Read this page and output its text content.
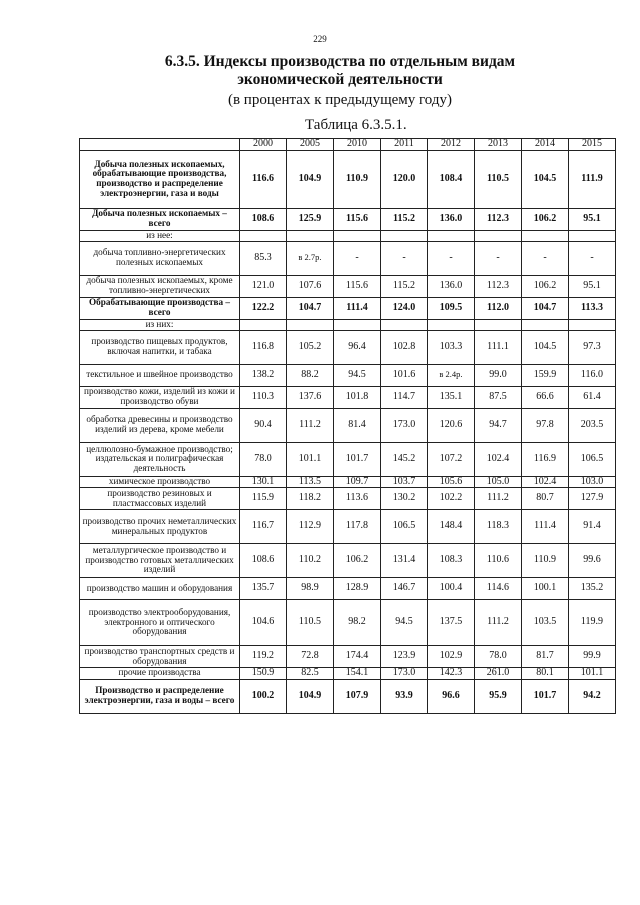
229
6.3.5. Индексы производства по отдельным видам экономической деятельности
(в процентах к предыдущему году)
Таблица 6.3.5.1.
	2000	2005	2010	2011	2012	2013	2014	2015
Добыча полезных ископаемых, обрабатывающие производства, производство и распределение электроэнергии, газа и воды	116.6	104.9	110.9	120.0	108.4	110.5	104.5	111.9
Добыча полезных ископаемых – всего	108.6	125.9	115.6	115.2	136.0	112.3	106.2	95.1
из нее:								
добыча топливно-энергетических полезных ископаемых	85.3	в 2.7р.	-	-	-	-	-	-
добыча полезных ископаемых, кроме топливно-энергетических	121.0	107.6	115.6	115.2	136.0	112.3	106.2	95.1
Обрабатывающие производства – всего	122.2	104.7	111.4	124.0	109.5	112.0	104.7	113.3
из них:								
производство пищевых продуктов, включая напитки, и табака	116.8	105.2	96.4	102.8	103.3	111.1	104.5	97.3
текстильное и швейное производство	138.2	88.2	94.5	101.6	в 2.4р.	99.0	159.9	116.0
производство кожи, изделий из кожи и производство обуви	110.3	137.6	101.8	114.7	135.1	87.5	66.6	61.4
обработка древесины и производство изделий из дерева, кроме мебели	90.4	111.2	81.4	173.0	120.6	94.7	97.8	203.5
целлюлозно-бумажное производство; издательская и полиграфическая деятельность	78.0	101.1	101.7	145.2	107.2	102.4	116.9	106.5
химическое производство	130.1	113.5	109.7	103.7	105.6	105.0	102.4	103.0
производство резиновых и пластмассовых изделий	115.9	118.2	113.6	130.2	102.2	111.2	80.7	127.9
производство прочих неметаллических минеральных продуктов	116.7	112.9	117.8	106.5	148.4	118.3	111.4	91.4
металлургическое производство и производство готовых металлических изделий	108.6	110.2	106.2	131.4	108.3	110.6	110.9	99.6
производство машин и оборудования	135.7	98.9	128.9	146.7	100.4	114.6	100.1	135.2
производство электрооборудования, электронного и оптического оборудования	104.6	110.5	98.2	94.5	137.5	111.2	103.5	119.9
производство транспортных средств и оборудования	119.2	72.8	174.4	123.9	102.9	78.0	81.7	99.9
прочие производства	150.9	82.5	154.1	173.0	142.3	261.0	80.1	101.1
Производство и распределение электроэнергии, газа и воды – всего	100.2	104.9	107.9	93.9	96.6	95.9	101.7	94.2
